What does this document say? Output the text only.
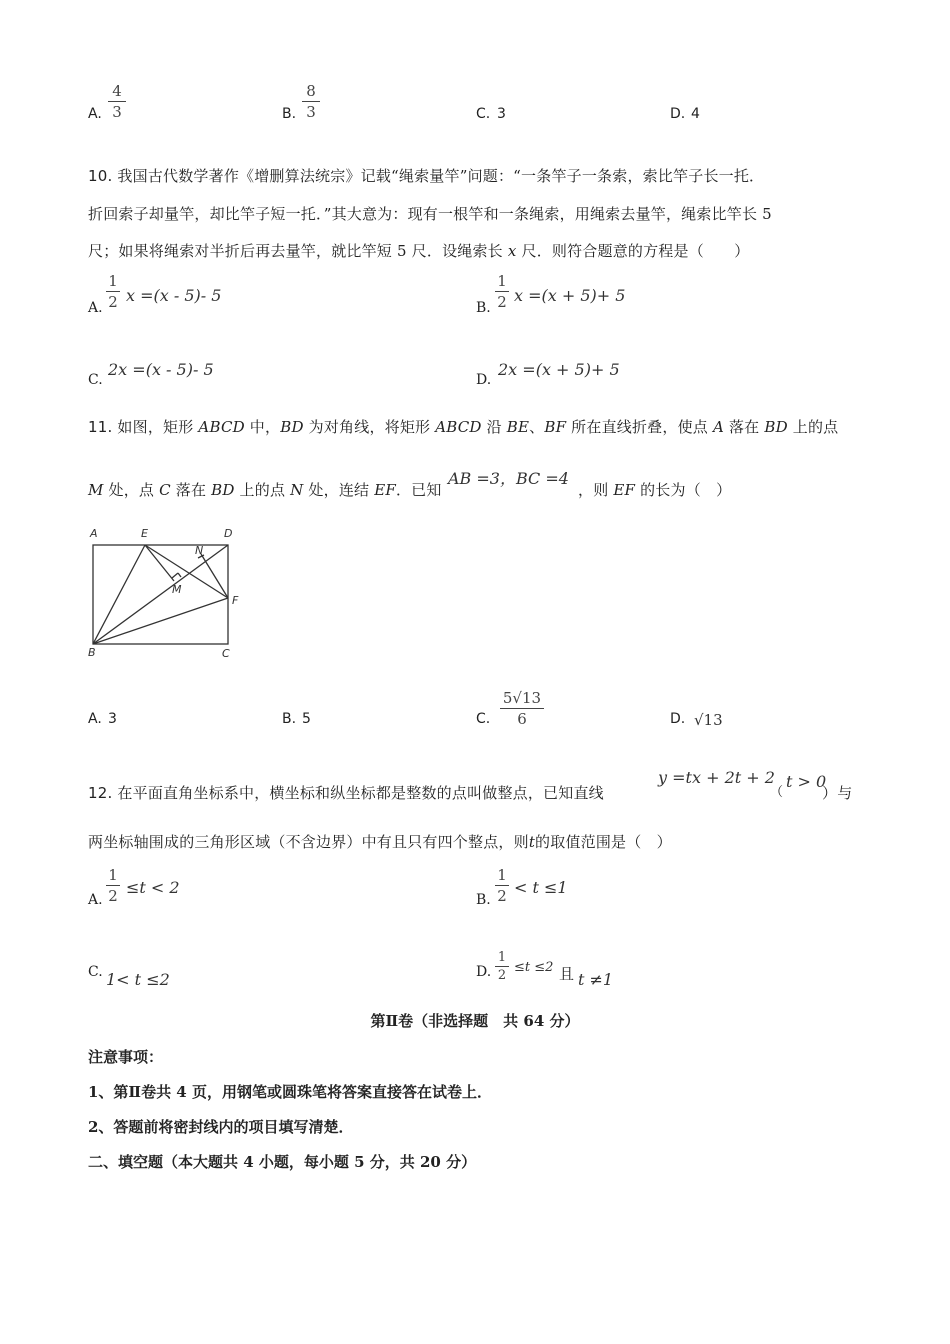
A.
4
3	B.
8
3	C. 3	D. 4
10. 我国古代数学著作《增删算法统宗》记载“绳索量竿”问题：“一条竿子一条索，索比竿子长一托．
折回索子却量竿，却比竿子短一托．”其大意为：现有一根竿和一条绳索，用绳索去量竿，绳索比竿长 5
尺；如果将绳索对半折后再去量竿，就比竿短 5 尺．设绳索长 x 尺．则符合题意的方程是（　　）
A.
1
2 x =(x - 5)- 5
B.
1
2 x =(x + 5)+ 5
C.
2x =(x - 5)- 5
D.
2x =(x + 5)+ 5
11. 如图，矩形 ABCD 中，BD 为对角线，将矩形 ABCD 沿 BE、BF 所在直线折叠，使点 A 落在 BD 上的点
M 处，点 C 落在 BD 上的点 N 处，连结 EF．已知
AB =3，BC =4
，则 EF 的长为（　）
A	E	D
N
M
F
B	C
A. 3	B. 5	C.
5√13
6	D. √13
12. 在平面直角坐标系中，横坐标和纵坐标都是整数的点叫做整点，已知直线
y =tx + 2t + 2
（
t > 0
）与
两坐标轴围成的三角形区域（不含边界）中有且只有四个整点，则t的取值范围是（　）
A.
1
2 ≤t < 2
B.
1
2 < t ≤1
C. 1< t ≤2	D.
1
2
≤t ≤2 且 t ≠1
第Ⅱ卷（非选择题　共 64 分）
注意事项：
1、第Ⅱ卷共 4 页，用钢笔或圆珠笔将答案直接答在试卷上．
2、答题前将密封线内的项目填写清楚．
二、填空题（本大题共 4 小题，每小题 5 分，共 20 分）
